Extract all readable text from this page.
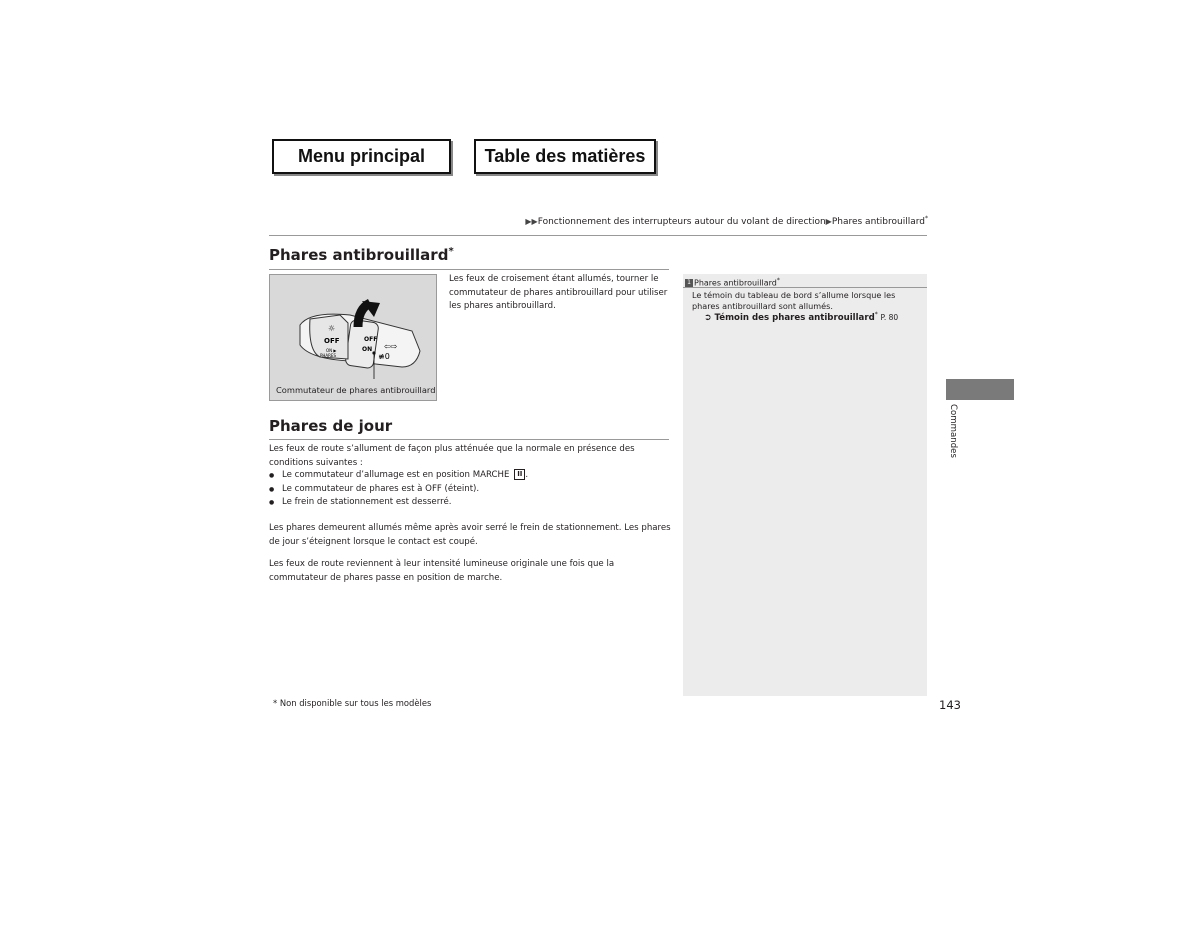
Menu principal	Table des matières
▶▶Fonctionnement des interrupteurs autour du volant de direction▶Phares antibrouillard*
Phares antibrouillard*
☼
OFF
ON ▶
PHARES
OFF
ON ⇦⇨
≢0
Commutateur de phares antibrouillard
Les feux de croisement étant allumés, tourner le commutateur de phares antibrouillard pour utiliser les phares antibrouillard.
Phares de jour
Les feux de route s’allument de façon plus atténuée que la normale en présence des conditions suivantes :
● Le commutateur d’allumage est en position MARCHE II .
● Le commutateur de phares est à OFF (éteint).
● Le frein de stationnement est desserré.
Les phares demeurent allumés même après avoir serré le frein de stationnement. Les phares de jour s’éteignent lorsque le contact est coupé.
Les feux de route reviennent à leur intensité lumineuse originale une fois que la commutateur de phares passe en position de marche.
1 Phares antibrouillard*
Le témoin du tableau de bord s’allume lorsque les phares antibrouillard sont allumés.
➲ Témoin des phares antibrouillard* P. 80
Commandes
* Non disponible sur tous les modèles	143
